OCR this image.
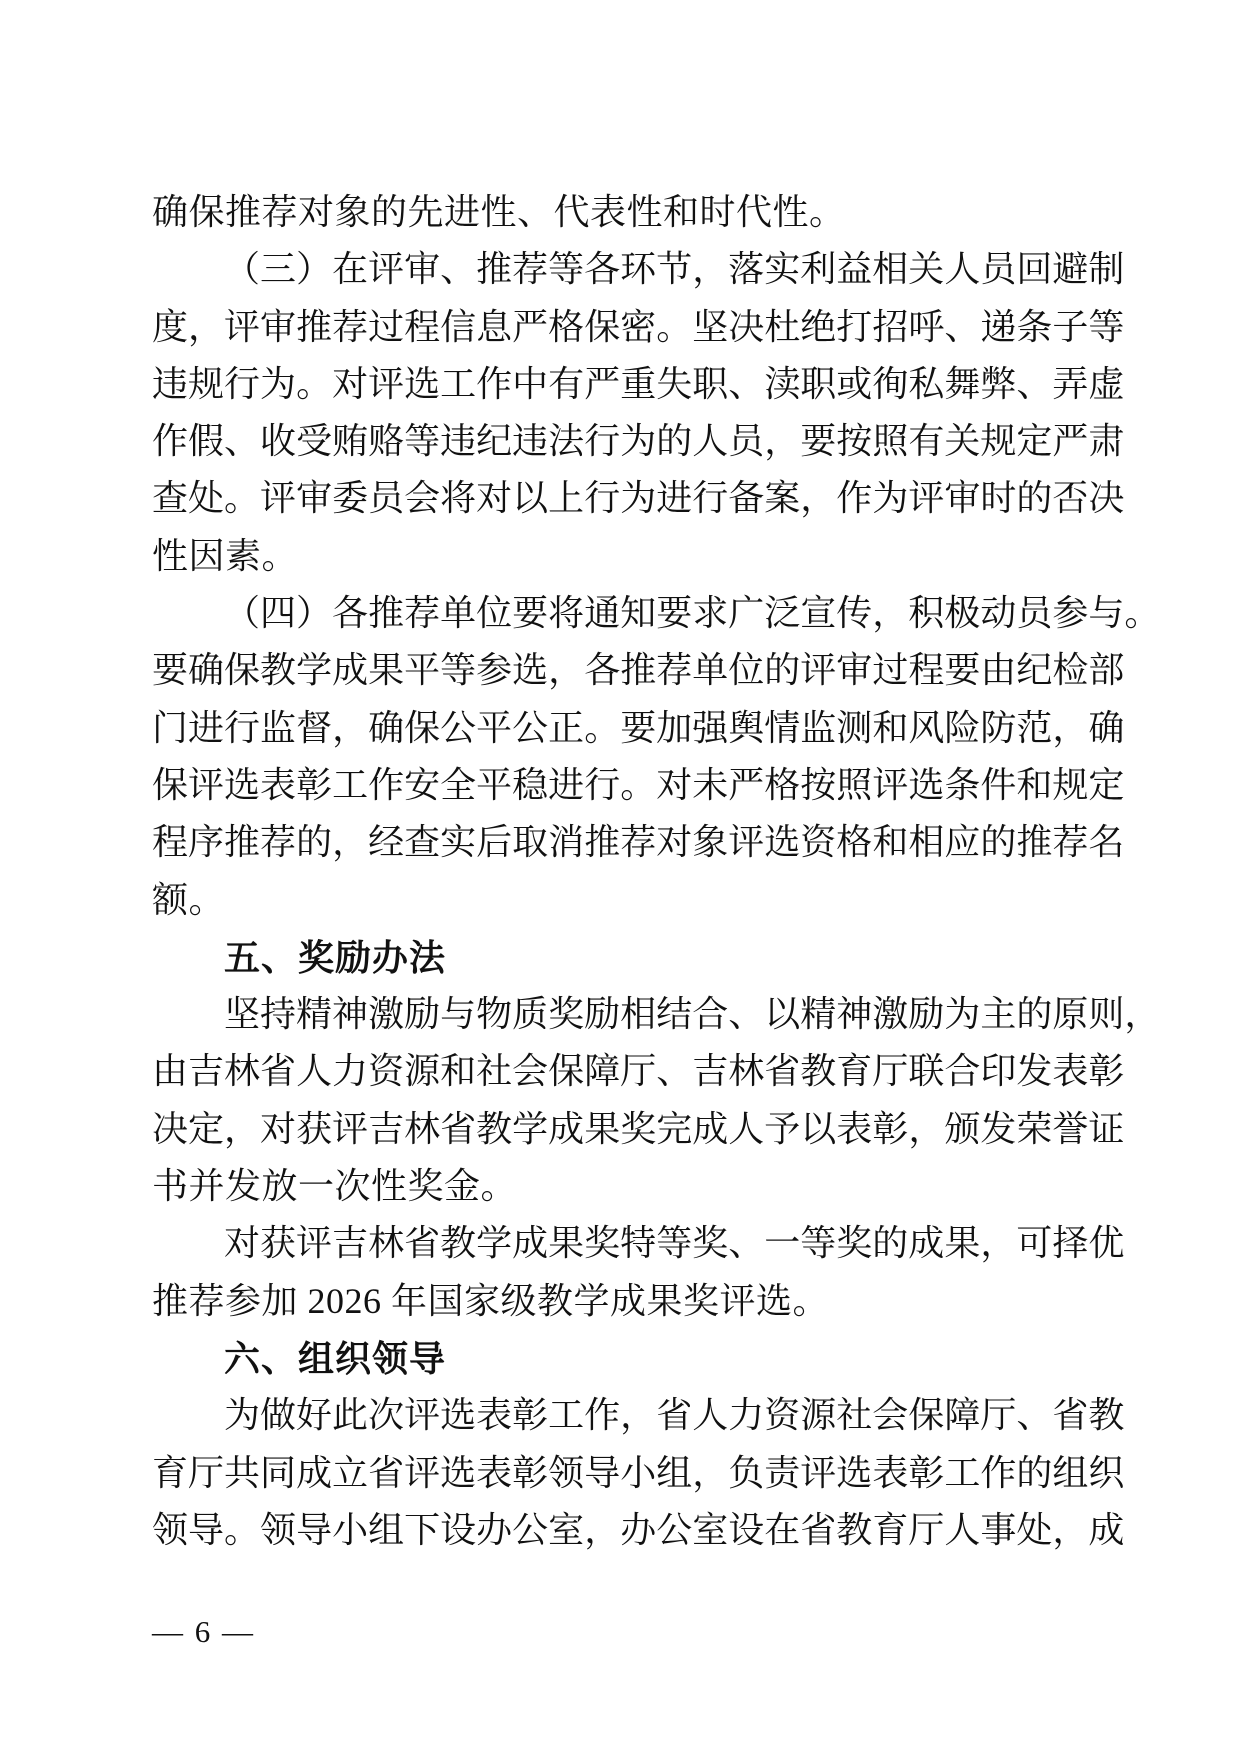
确保推荐对象的先进性、代表性和时代性。
（ 三 ） 在 评 审 、 推 荐 等 各 环 节 ， 落 实 利 益 相 关 人 员 回 避 制
度 ， 评 审 推 荐 过 程 信 息 严 格 保 密 。 坚 决 杜 绝 打 招 呼 、 递 条 子 等
违 规 行 为 。 对 评 选 工 作 中 有 严 重 失 职 、 渎 职 或 徇 私 舞 弊 、 弄 虚
作 假 、 收 受 贿 赂 等 违 纪 违 法 行 为 的 人 员 ， 要 按 照 有 关 规 定 严 肃
查 处 。 评 审 委 员 会 将 对 以 上 行 为 进 行 备 案 ， 作 为 评 审 时 的 否 决
性因素。
（ 四 ） 各 推 荐 单 位 要 将 通 知 要 求 广 泛 宣 传 ， 积 极 动 员 参 与 。
要 确 保 教 学 成 果 平 等 参 选 ， 各 推 荐 单 位 的 评 审 过 程 要 由 纪 检 部
门 进 行 监 督 ， 确 保 公 平 公 正 。 要 加 强 舆 情 监 测 和 风 险 防 范 ， 确
保 评 选 表 彰 工 作 安 全 平 稳 进 行 。 对 未 严 格 按 照 评 选 条 件 和 规 定
程 序 推 荐 的 ， 经 查 实 后 取 消 推 荐 对 象 评 选 资 格 和 相 应 的 推 荐 名
额。
五、奖励办法
坚 持 精 神 激 励 与 物 质 奖 励 相 结 合 、 以 精 神 激 励 为 主 的 原 则 ，
由 吉 林 省 人 力 资 源 和 社 会 保 障 厅 、 吉 林 省 教 育 厅 联 合 印 发 表 彰
决 定 ， 对 获 评 吉 林 省 教 学 成 果 奖 完 成 人 予 以 表 彰 ， 颁 发 荣 誉 证
书并发放一次性奖金。
对 获 评 吉 林 省 教 学 成 果 奖 特 等 奖 、 一 等 奖 的 成 果 ， 可 择 优
推荐参加 2026 年国家级教学成果奖评选。
六、组织领导
为 做 好 此 次 评 选 表 彰 工 作 ， 省 人 力 资 源 社 会 保 障 厅 、 省 教
育 厅 共 同 成 立 省 评 选 表 彰 领 导 小 组 ， 负 责 评 选 表 彰 工 作 的 组 织
领 导 。 领 导 小 组 下 设 办 公 室 ， 办 公 室 设 在 省 教 育 厅 人 事 处 ， 成
— 6 —
